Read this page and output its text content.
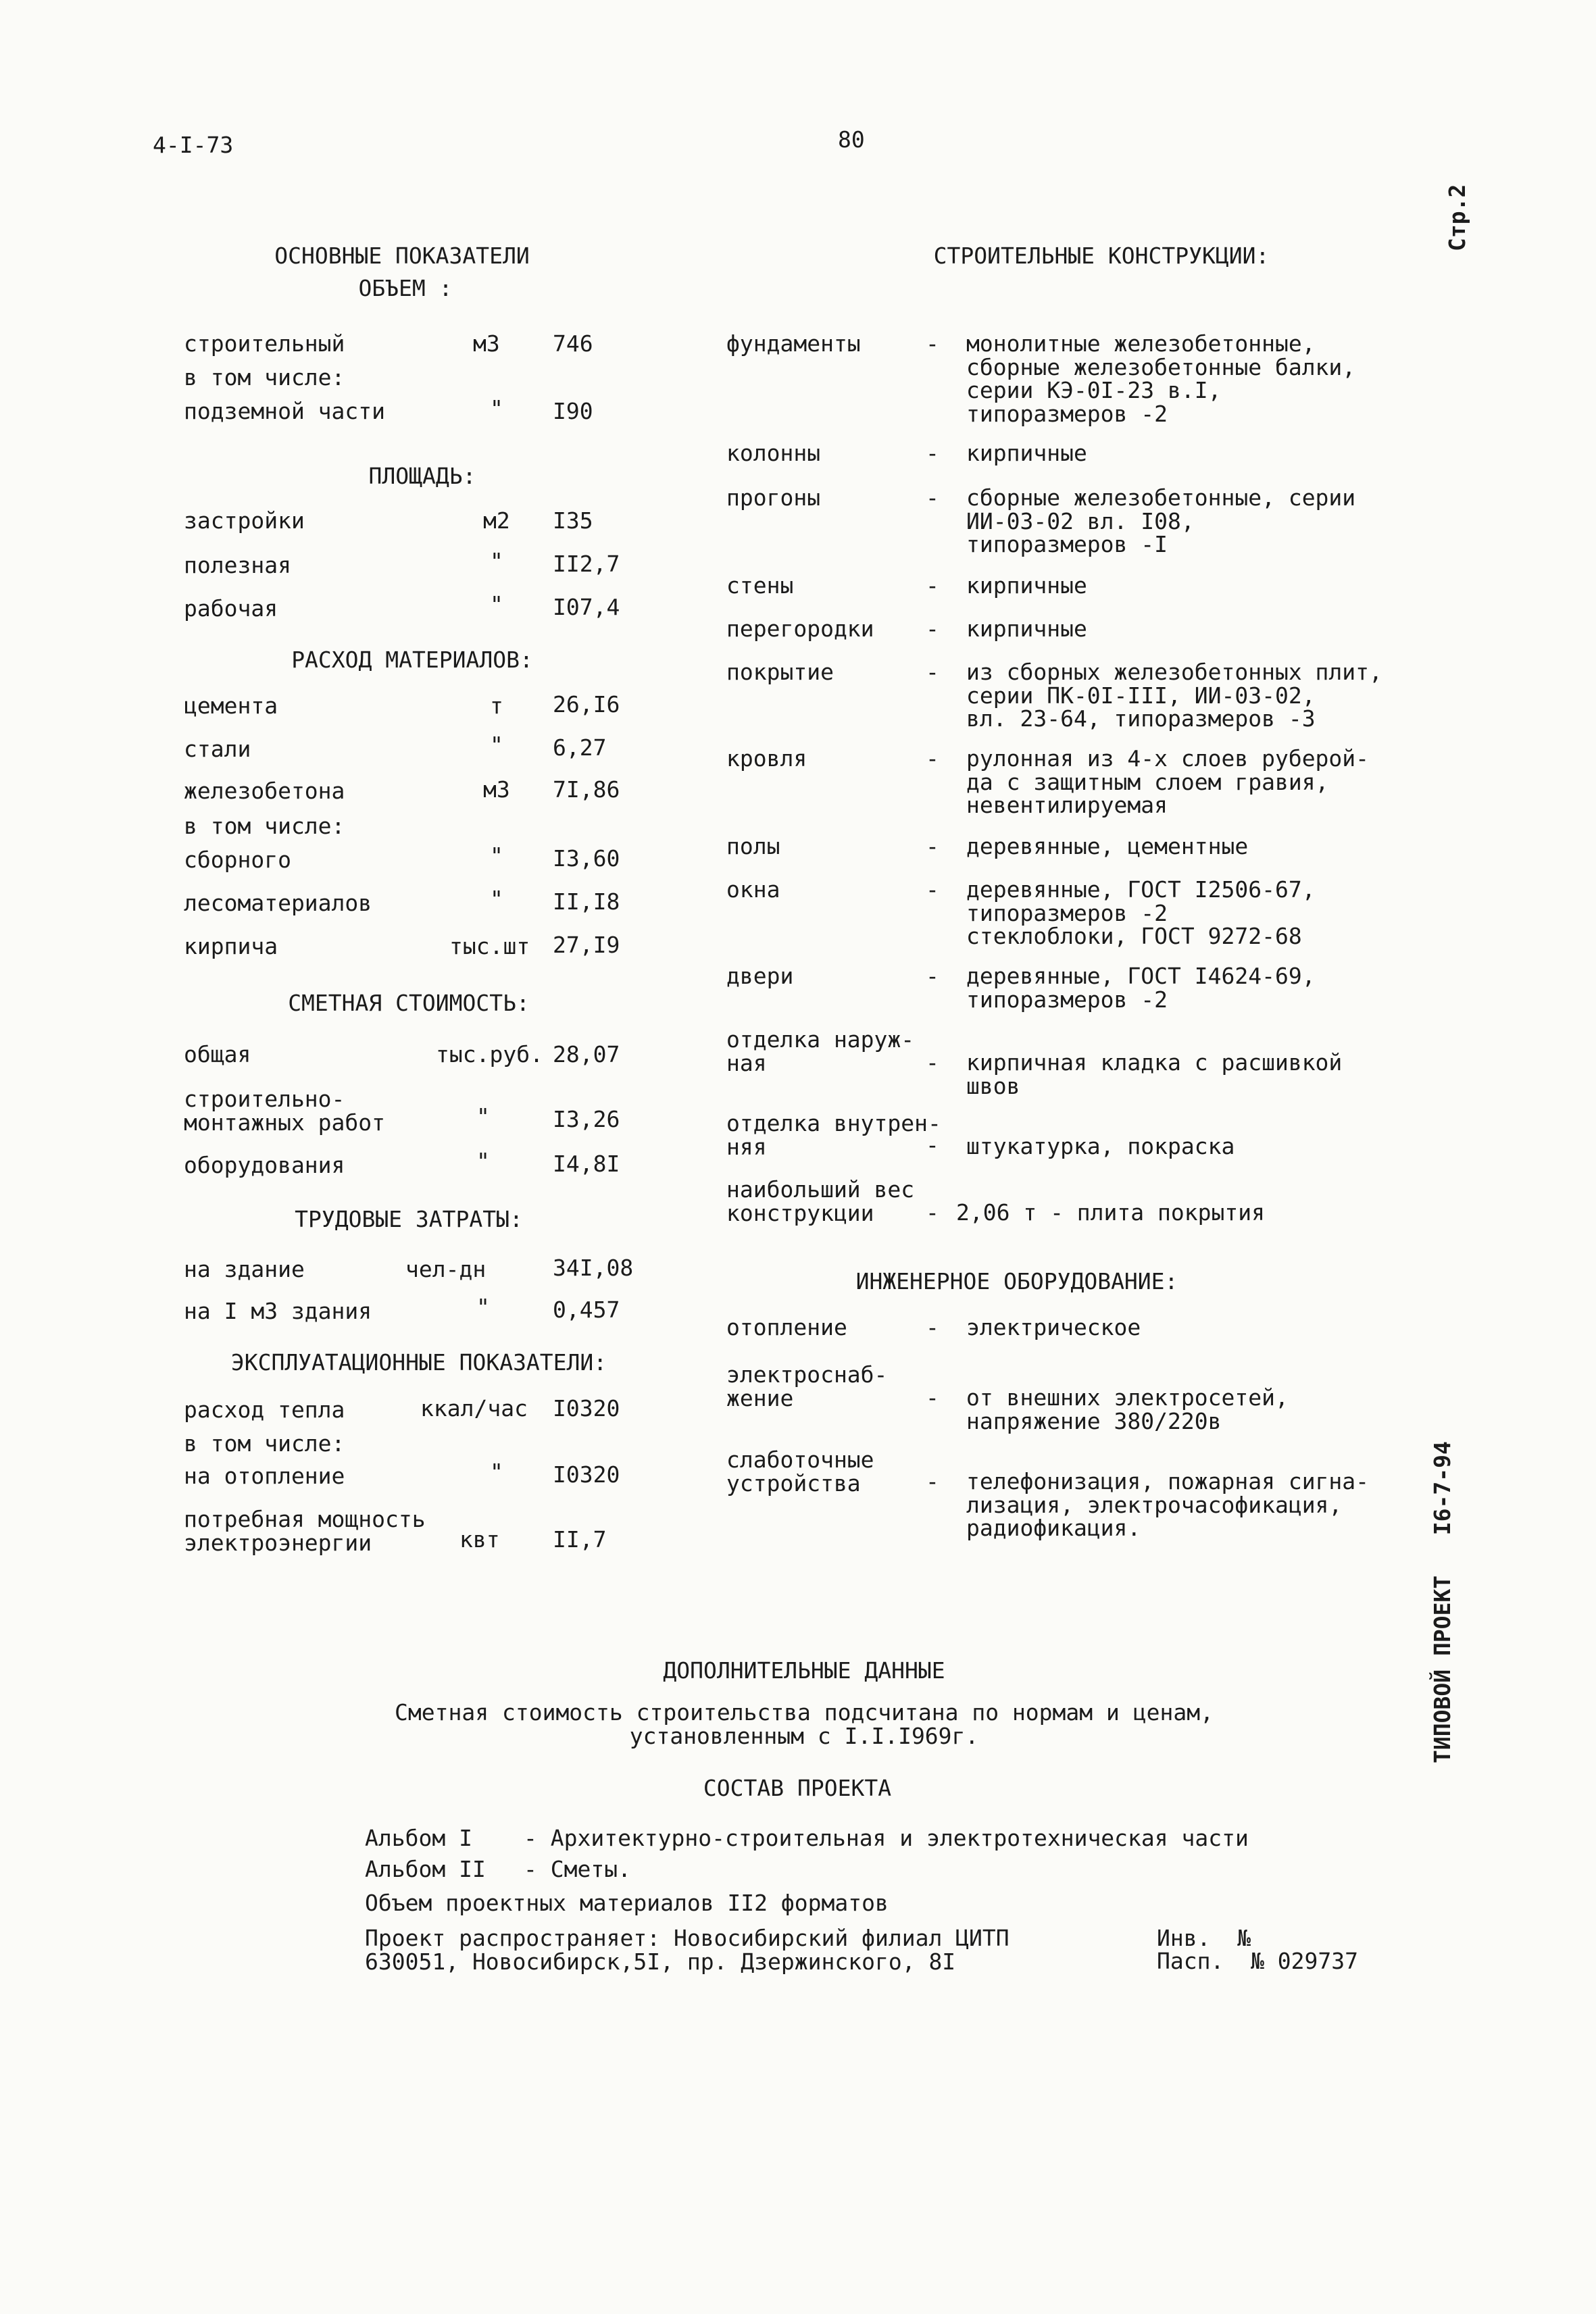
4-I-73	80
Стр.2
ОСНОВНЫЕ ПОКАЗАТЕЛИ
ОБЪЕМ :
строительный	м3 746
в том числе:
подземной части	" I90
ПЛОЩАДЬ:
застройки	м2 I35
полезная	" II2,7
рабочая	" I07,4
РАСХОД МАТЕРИАЛОВ:
цемента	т 26,I6
стали	" 6,27
железобетона	м3 7I,86
в том числе:
сборного	" I3,60
лесоматериалов	" II,I8
кирпича	тыс.шт 27,I9
СМЕТНАЯ СТОИМОСТЬ:
общая	тыс.руб. 28,07
строительно-
монтажных работ	"	I3,26
оборудования	"	I4,8I
ТРУДОВЫЕ ЗАТРАТЫ:
на здание	чел-дн	34I,08
на I м3 здания	"	0,457
ЭКСПЛУАТАЦИОННЫЕ ПОКАЗАТЕЛИ:
расход тепла	ккал/час I0320
в том числе:
на отопление	" I0320
потребная мощность
электроэнергии	квт II,7
СТРОИТЕЛЬНЫЕ КОНСТРУКЦИИ:
фундаменты	- монолитные железобетонные,
сборные железобетонные балки,
серии КЭ-0I-23 в.I,
типоразмеров -2
колонны	- кирпичные
прогоны	- сборные железобетонные, серии
ИИ-03-02 вл. I08,
типоразмеров -I
стены	- кирпичные
перегородки	- кирпичные
покрытие	- из сборных железобетонных плит,
серии ПК-0I-III, ИИ-03-02,
вл. 23-64, типоразмеров -3
кровля	- рулонная из 4-х слоев руберой-
да с защитным слоем гравия,
невентилируемая
полы	- деревянные, цементные
окна	- деревянные, ГОСТ I2506-67,
типоразмеров -2
стеклоблоки, ГОСТ 9272-68
двери	- деревянные, ГОСТ I4624-69,
типоразмеров -2
отделка наруж-
ная	- кирпичная кладка с расшивкой
швов
отделка внутрен-
няя	- штукатурка, покраска
наибольший вес
конструкции	- 2,06 т - плита покрытия
ИНЖЕНЕРНОЕ ОБОРУДОВАНИЕ:
отопление	- электрическое
электроснаб-
жение	- от внешних электросетей,
напряжение 380/220в
слаботочные
устройства	- телефонизация, пожарная сигна-
лизация, электрочасофикация,
радиофикация.
ДОПОЛНИТЕЛЬНЫЕ ДАННЫЕ
Сметная стоимость строительства подсчитана по нормам и ценам,
установленным с I.I.I969г.
СОСТАВ ПРОЕКТА
Альбом I - Архитектурно-строительная и электротехническая части
Альбом II - Сметы.
Объем проектных материалов II2 форматов
Проект распространяет: Новосибирский филиал ЦИТП
630051, Новосибирск,5I, пр. Дзержинского, 8I
Инв.  №
Пасп.  № 029737
ТИПОВОЙ ПРОЕКТ   I6-7-94
